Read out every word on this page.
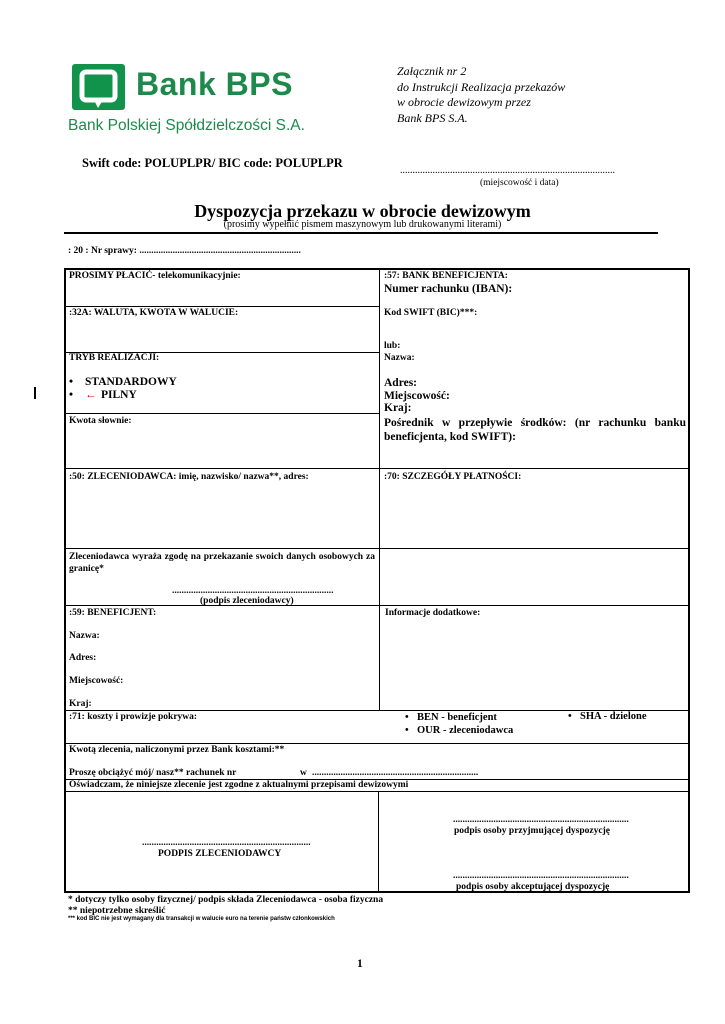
Bank BPS
Bank Polskiej Spółdzielczości S.A.
Załącznik nr 2
do Instrukcji Realizacja przekazów
w obrocie dewizowym przez
Bank BPS S.A.
Swift code: POLUPLPR/ BIC code: POLUPLPR
......................................................................................
(miejscowość i data)
Dyspozycja przekazu w obrocie dewizowym
(prosimy wypełnić pismem maszynowym lub drukowanymi literami)
: 20 : Nr sprawy: ....................................................................
PROSIMY PŁACIĆ- telekomunikacyjnie:
:32A: WALUTA, KWOTA W WALUCIE:
TRYB REALIZACJI:
• STANDARDOWY
• ← PILNY
Kwota słownie:
:50: ZLECENIODAWCA: imię, nazwisko/ nazwa**, adres:
Zleceniodawca wyraża zgodę na przekazanie swoich danych osobowych za granicę*
....................................................................
(podpis zleceniodawcy)
:59: BENEFICJENT:
Nazwa:
Adres:
Miejscowość:
Kraj:
:71: koszty i prowizje pokrywa:
:57: BANK BENEFICJENTA:
Numer rachunku (IBAN):
Kod SWIFT (BIC)***:
lub:
Nazwa:
Adres:
Miejscowość:
Kraj:
Pośrednik w przepływie środków: (nr rachunku banku beneficjenta, kod SWIFT):
:70: SZCZEGÓŁY PŁATNOŚCI:
Informacje dodatkowe:
• BEN - beneficjent
• OUR - zleceniodawca
• SHA - dzielone
Kwotą zlecenia, naliczonymi przez Bank kosztami:**
Proszę obciążyć mój/ nasz** rachunek nr	w ......................................................................
Oświadczam, że niniejsze zlecenie jest zgodne z aktualnymi przepisami dewizowymi
.......................................................................
PODPIS ZLECENIODAWCY
..........................................................................
podpis osoby przyjmującej dyspozycję
..........................................................................
podpis osoby akceptującej dyspozycję
* dotyczy tylko osoby fizycznej/ podpis składa Zleceniodawca - osoba fizyczna
** niepotrzebne skreślić
*** kod BIC nie jest wymagany dla transakcji w walucie euro na terenie państw członkowskich
1
